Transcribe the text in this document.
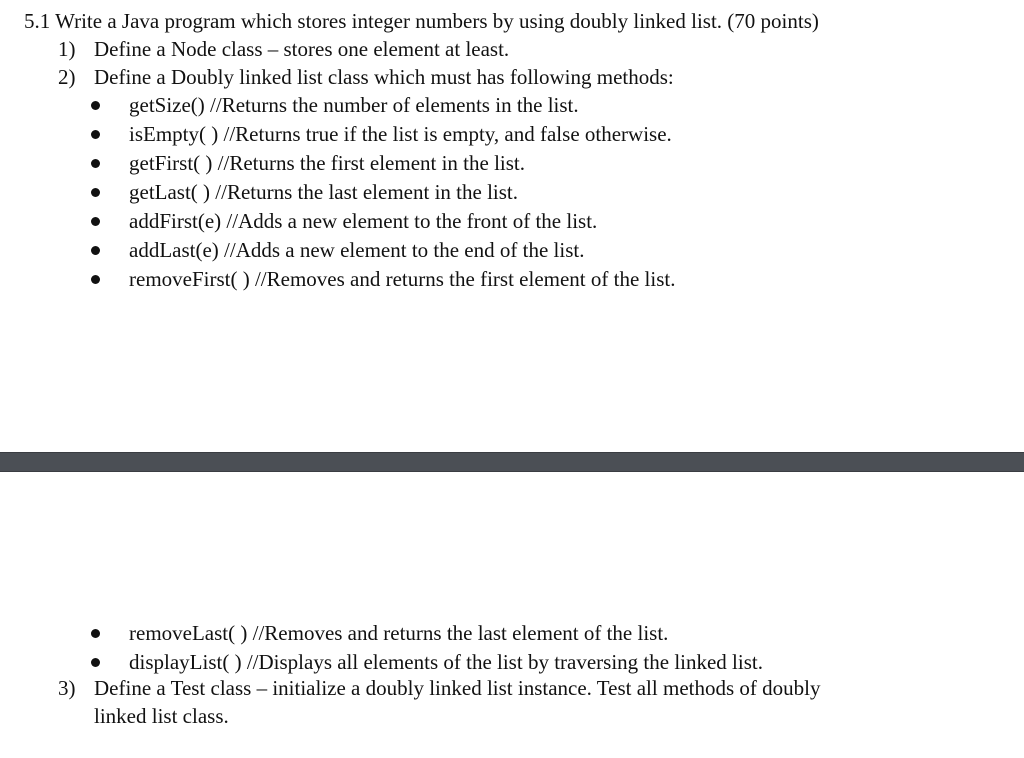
5.1 Write a Java program which stores integer numbers by using doubly linked list. (70 points)
1) Define a Node class – stores one element at least.
2) Define a Doubly linked list class which must has following methods:
getSize() //Returns the number of elements in the list.
isEmpty( ) //Returns true if the list is empty, and false otherwise.
getFirst( ) //Returns the first element in the list.
getLast( ) //Returns the last element in the list.
addFirst(e) //Adds a new element to the front of the list.
addLast(e) //Adds a new element to the end of the list.
removeFirst( ) //Removes and returns the first element of the list.
removeLast( ) //Removes and returns the last element of the list.
displayList( ) //Displays all elements of the list by traversing the linked list.
3) Define a Test class – initialize a doubly linked list instance. Test all methods of doubly
linked list class.
